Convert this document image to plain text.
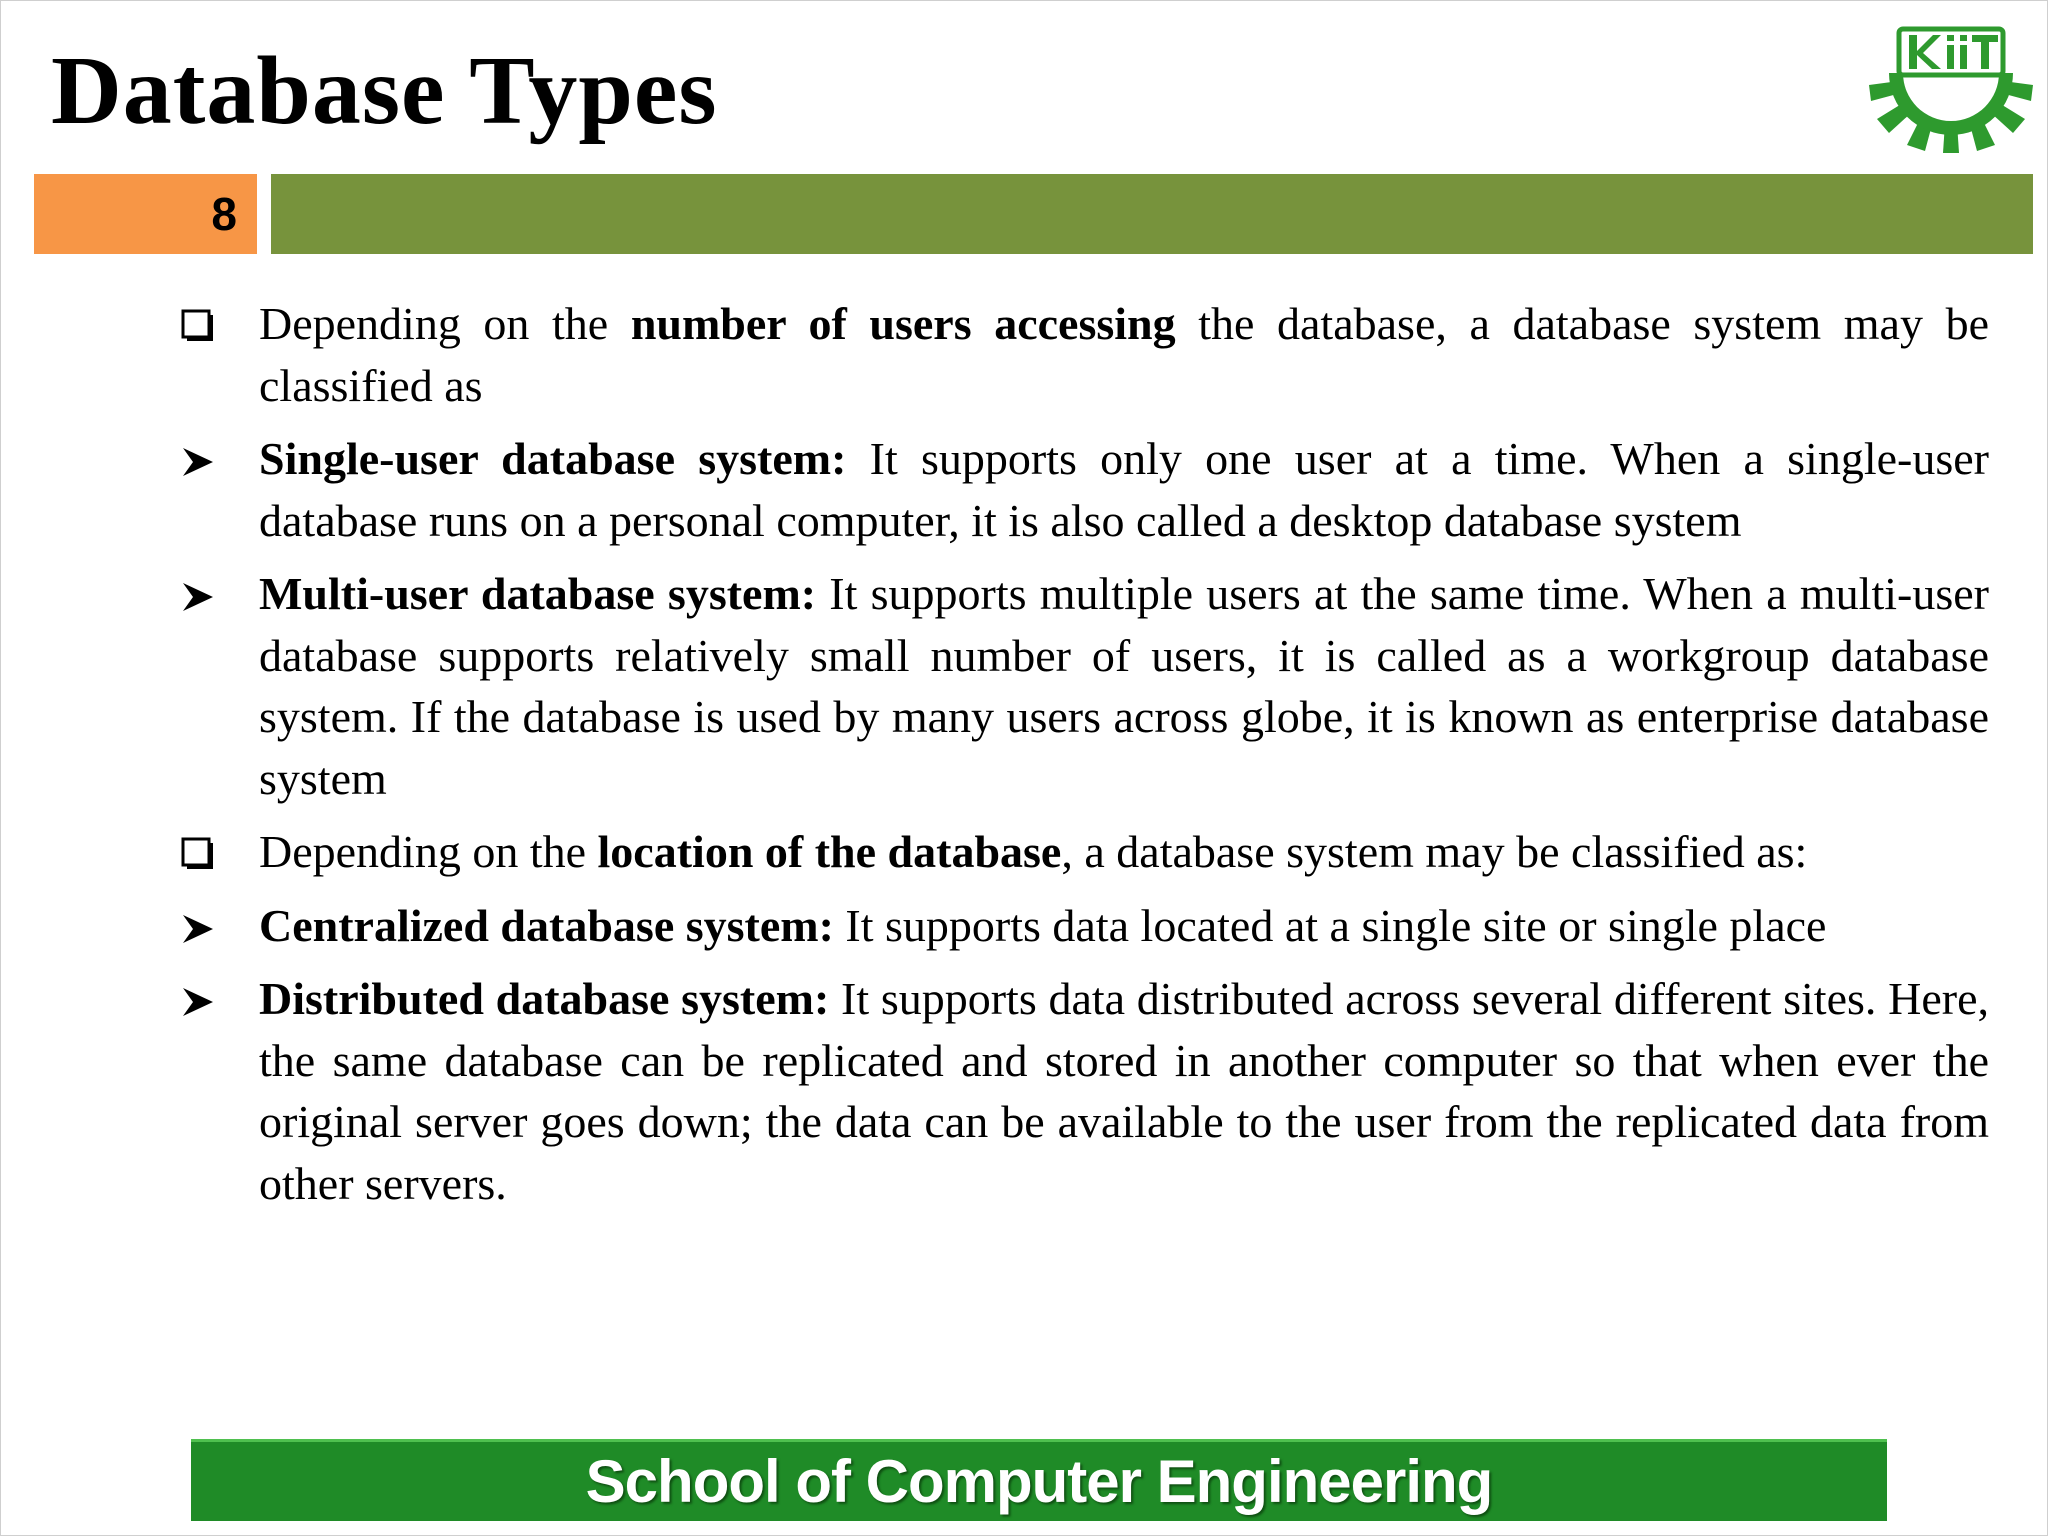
Database Types
8
Depending on the number of users accessing the database, a database system may be classified as
Single-user database system: It supports only one user at a time. When a single-user database runs on a personal computer, it is also called a desktop database system
Multi-user database system: It supports multiple users at the same time. When a multi-user database supports relatively small number of users, it is called as a workgroup database system. If the database is used by many users across globe, it is known as enterprise database system
Depending on the location of the database, a database system may be classified as:
Centralized database system: It supports data located at a single site or single place
Distributed database system: It supports data distributed across several different sites. Here, the same database can be replicated and stored in another computer so that when ever the original server goes down; the data can be available to the user from the replicated data from other servers.
School of Computer Engineering
